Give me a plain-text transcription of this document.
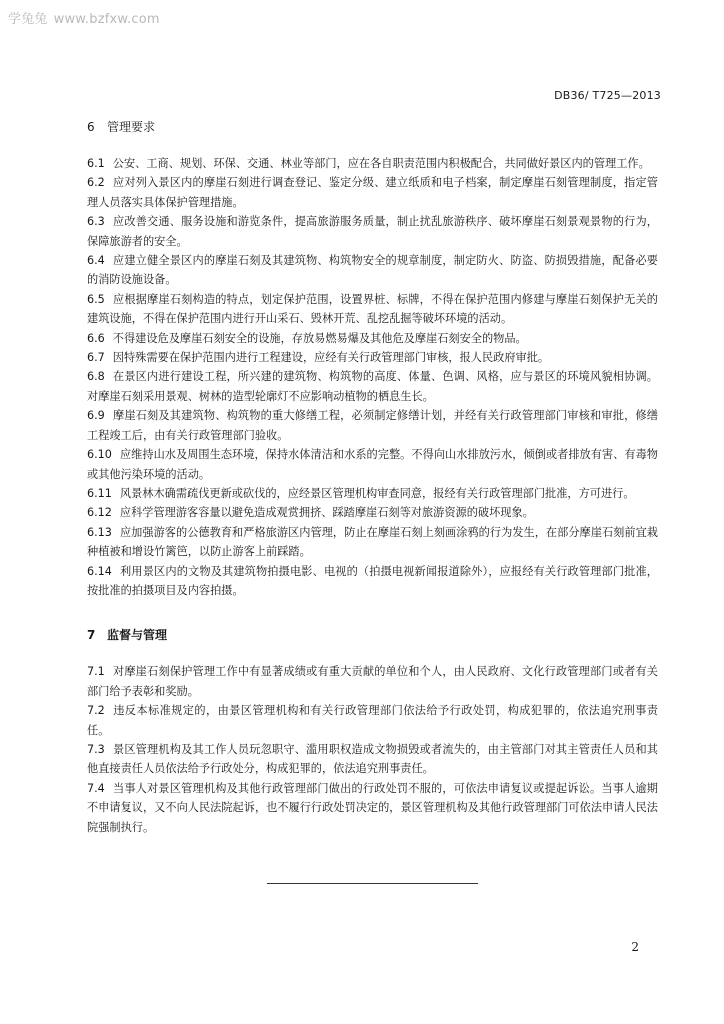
学兔兔 www.bzfxw.com
DB36/ T725—2013
6 管理要求

6.1 公安、工商、规划、环保、交通、林业等部门，应在各自职责范围内积极配合，共同做好景区内的管理工作。

6.2 应对列入景区内的摩崖石刻进行调查登记、鉴定分级、建立纸质和电子档案，制定摩崖石刻管理制度，指定管理人员落实具体保护管理措施。

6.3 应改善交通、服务设施和游览条件，提高旅游服务质量，制止扰乱旅游秩序、破坏摩崖石刻景观景物的行为，保障旅游者的安全。

6.4 应建立健全景区内的摩崖石刻及其建筑物、构筑物安全的规章制度，制定防火、防盗、防损毁措施，配备必要的消防设施设备。

6.5 应根据摩崖石刻构造的特点，划定保护范围，设置界桩、标牌，不得在保护范围内修建与摩崖石刻保护无关的建筑设施，不得在保护范围内进行开山采石、毁林开荒、乱挖乱掘等破坏环境的活动。

6.6 不得建设危及摩崖石刻安全的设施，存放易燃易爆及其他危及摩崖石刻安全的物品。

6.7 因特殊需要在保护范围内进行工程建设，应经有关行政管理部门审核，报人民政府审批。

6.8 在景区内进行建设工程，所兴建的建筑物、构筑物的高度、体量、色调、风格，应与景区的环境风貌相协调。对摩崖石刻采用景观、树林的造型轮廓灯不应影响动植物的栖息生长。

6.9 摩崖石刻及其建筑物、构筑物的重大修缮工程，必须制定修缮计划，并经有关行政管理部门审核和审批，修缮工程竣工后，由有关行政管理部门验收。

6.10 应维持山水及周围生态环境，保持水体清洁和水系的完整。不得向山水排放污水，倾倒或者排放有害、有毒物或其他污染环境的活动。

6.11 风景林木确需疏伐更新或砍伐的，应经景区管理机构审查同意，报经有关行政管理部门批准，方可进行。

6.12 应科学管理游客容量以避免造成观赏拥挤、踩踏摩崖石刻等对旅游资源的破坏现象。

6.13 应加强游客的公德教育和严格旅游区内管理，防止在摩崖石刻上刻画涂鸦的行为发生，在部分摩崖石刻前宜栽种植被和增设竹篱笆，以防止游客上前踩踏。

6.14 利用景区内的文物及其建筑物拍摄电影、电视的（拍摄电视新闻报道除外），应报经有关行政管理部门批准，按批准的拍摄项目及内容拍摄。

7 监督与管理

7.1 对摩崖石刻保护管理工作中有显著成绩或有重大贡献的单位和个人，由人民政府、文化行政管理部门或者有关部门给予表彰和奖励。

7.2 违反本标准规定的，由景区管理机构和有关行政管理部门依法给予行政处罚，构成犯罪的，依法追究刑事责任。

7.3 景区管理机构及其工作人员玩忽职守、滥用职权造成文物损毁或者流失的，由主管部门对其主管责任人员和其他直接责任人员依法给予行政处分，构成犯罪的，依法追究刑事责任。

7.4 当事人对景区管理机构及其他行政管理部门做出的行政处罚不服的，可依法申请复议或提起诉讼。当事人逾期不申请复议，又不向人民法院起诉，也不履行行政处罚决定的，景区管理机构及其他行政管理部门可依法申请人民法院强制执行。

2
